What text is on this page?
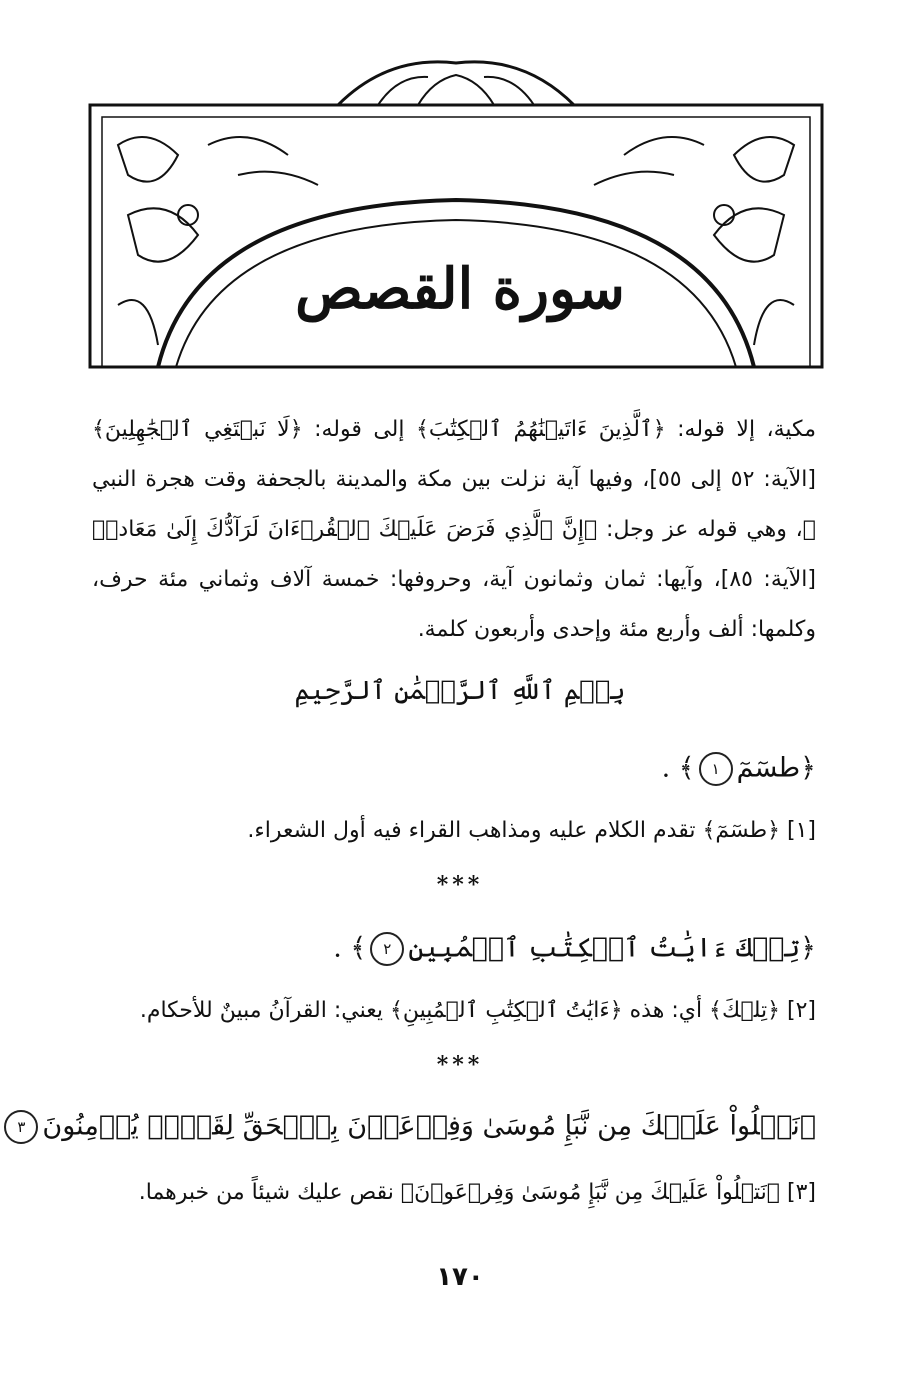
سورة القصص
مكية، إلا قوله: ﴿ٱلَّذِينَ ءَاتَيۡنَٰهُمُ ٱلۡكِتَٰبَ﴾ إلى قوله: ﴿لَا نَبۡتَغِي ٱلۡجَٰهِلِينَ﴾ [الآية: ٥٢ إلى ٥٥]، وفيها آية نزلت بين مكة والمدينة بالجحفة وقت هجرة النبي ﷺ، وهي قوله عز وجل: ﴿إِنَّ ٱلَّذِي فَرَضَ عَلَيۡكَ ٱلۡقُرۡءَانَ لَرَآدُّكَ إِلَىٰ مَعَادٖ﴾ [الآية: ٨٥]، وآيها: ثمان وثمانون آية، وحروفها: خمسة آلاف وثماني مئة حرف، وكلمها: ألف وأربع مئة وإحدى وأربعون كلمة.
بِسۡمِ ٱللَّهِ ٱلرَّحۡمَٰنِ ٱلرَّحِيمِ
﴿طسٓمٓ١﴾ .
[١] ﴿طسٓمٓ﴾ تقدم الكلام عليه ومذاهب القراء فيه أول الشعراء.
***
﴿تِلۡكَ ءَايَٰتُ ٱلۡكِتَٰبِ ٱلۡمُبِينِ٢﴾ .
[٢] ﴿تِلۡكَ﴾ أي: هذه ﴿ءَايَٰتُ ٱلۡكِتَٰبِ ٱلۡمُبِينِ﴾ يعني: القرآنُ مبينٌ للأحكام.
***
﴿نَتۡلُواْ عَلَيۡكَ مِن نَّبَإِ مُوسَىٰ وَفِرۡعَوۡنَ بِٱلۡحَقِّ لِقَوۡمٖ يُؤۡمِنُونَ٣
[٣] ﴿نَتۡلُواْ عَلَيۡكَ مِن نَّبَإِ مُوسَىٰ وَفِرۡعَوۡنَ﴾ نقص عليك شيئاً من خبرهما.
١٧٠
